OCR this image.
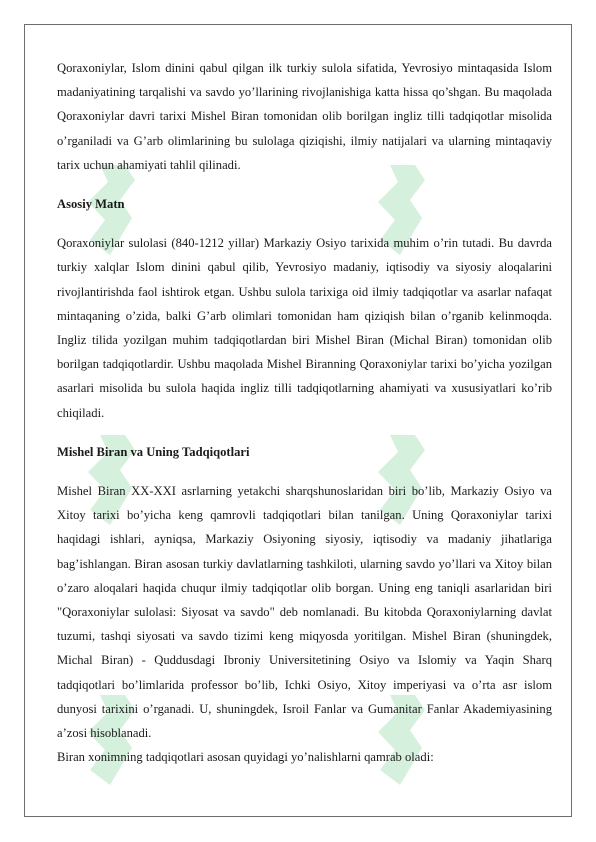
Qoraxoniylar, Islom dinini qabul qilgan ilk turkiy sulola sifatida, Yevrosiyo mintaqasida Islom madaniyatining tarqalishi va savdo yo’llarining rivojlanishiga katta hissa qo’shgan. Bu maqolada Qoraxoniylar davri tarixi Mishel Biran tomonidan olib borilgan ingliz tilli tadqiqotlar misolida o’rganiladi va G’arb olimlarining bu sulolaga qiziqishi, ilmiy natijalari va ularning mintaqaviy tarix uchun ahamiyati tahlil qilinadi.

Asosiy Matn

Qoraxoniylar sulolasi (840-1212 yillar) Markaziy Osiyo tarixida muhim o’rin tutadi. Bu davrda turkiy xalqlar Islom dinini qabul qilib, Yevrosiyo madaniy, iqtisodiy va siyosiy aloqalarini rivojlantirishda faol ishtirok etgan. Ushbu sulola tarixiga oid ilmiy tadqiqotlar va asarlar nafaqat mintaqaning o’zida, balki G’arb olimlari tomonidan ham qiziqish bilan o’rganib kelinmoqda. Ingliz tilida yozilgan muhim tadqiqotlardan biri Mishel Biran (Michal Biran) tomonidan olib borilgan tadqiqotlardir. Ushbu maqolada Mishel Biranning Qoraxoniylar tarixi bo’yicha yozilgan asarlari misolida bu sulola haqida ingliz tilli tadqiqotlarning ahamiyati va xususiyatlari ko’rib chiqiladi.

Mishel Biran va Uning Tadqiqotlari

Mishel Biran XX-XXI asrlarning yetakchi sharqshunoslaridan biri bo’lib, Markaziy Osiyo va Xitoy tarixi bo’yicha keng qamrovli tadqiqotlari bilan tanilgan. Uning Qoraxoniylar tarixi haqidagi ishlari, ayniqsa, Markaziy Osiyoning siyosiy, iqtisodiy va madaniy jihatlariga bag’ishlangan. Biran asosan turkiy davlatlarning tashkiloti, ularning savdo yo’llari va Xitoy bilan o’zaro aloqalari haqida chuqur ilmiy tadqiqotlar olib borgan. Uning eng taniqli asarlaridan biri "Qoraxoniylar sulolasi: Siyosat va savdo" deb nomlanadi. Bu kitobda Qoraxoniylarning davlat tuzumi, tashqi siyosati va savdo tizimi keng miqyosda yoritilgan. Mishel Biran (shuningdek, Michal Biran) - Quddusdagi Ibroniy Universitetining Osiyo va Islomiy va Yaqin Sharq tadqiqotlari bo’limlarida professor bo’lib, Ichki Osiyo, Xitoy imperiyasi va o’rta asr islom dunyosi tarixini o’rganadi. U, shuningdek, Isroil Fanlar va Gumanitar Fanlar Akademiyasining a’zosi hisoblanadi.

Biran xonimning tadqiqotlari asosan quyidagi yo’nalishlarni qamrab oladi:
